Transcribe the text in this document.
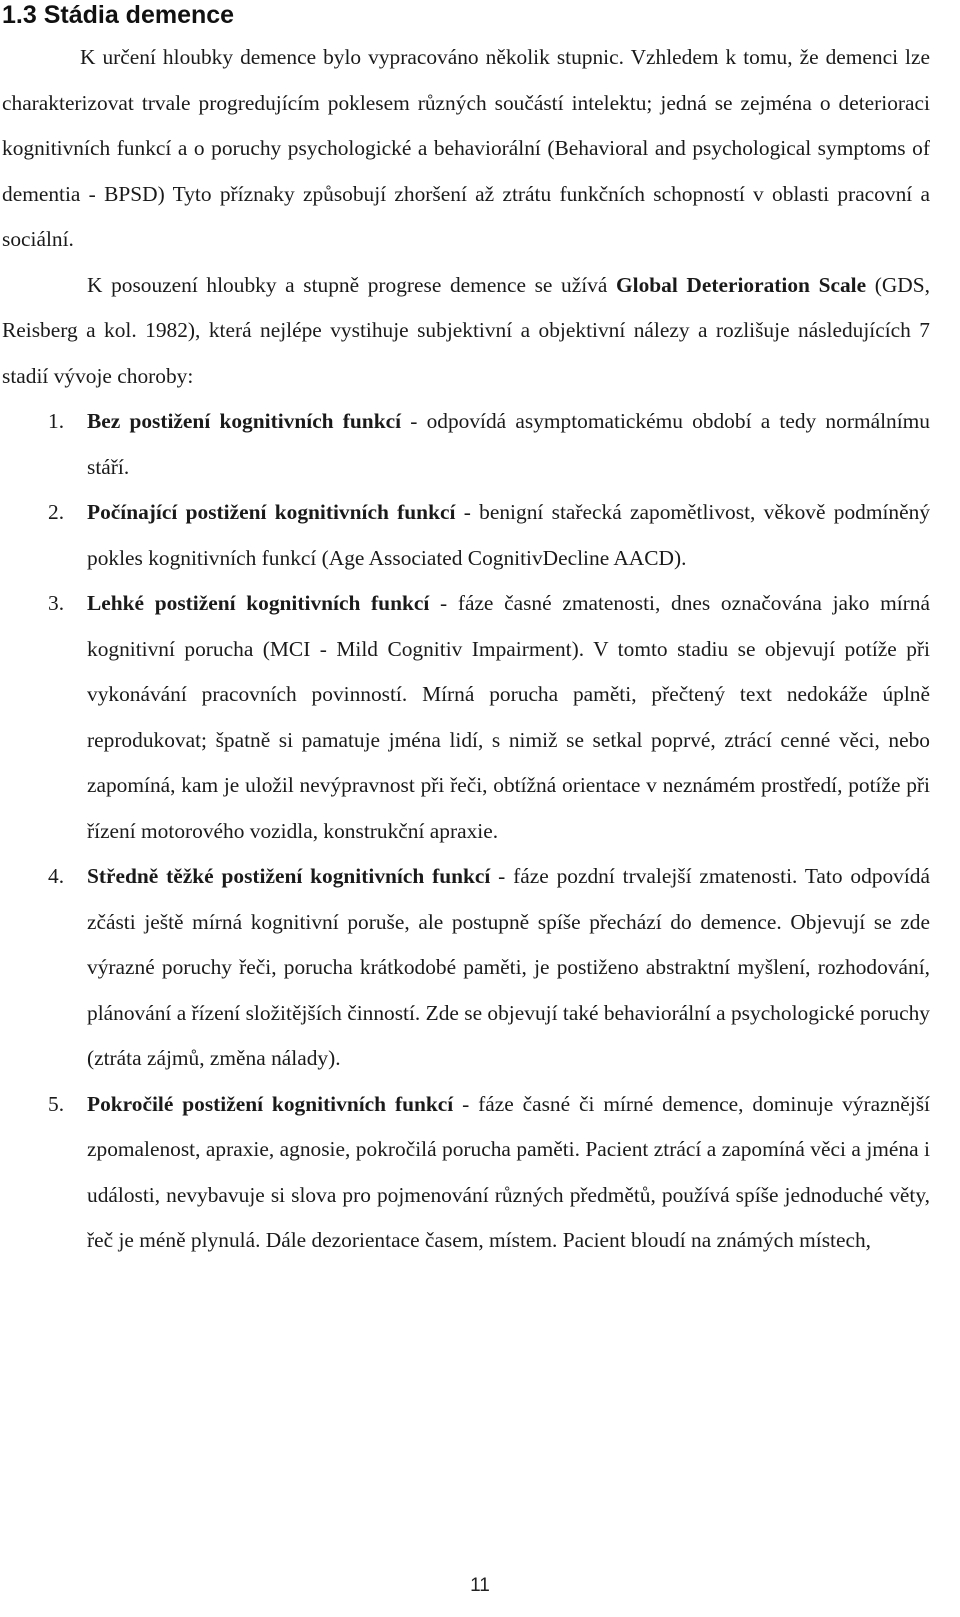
1.3 Stádia demence

K určení hloubky demence bylo vypracováno několik stupnic. Vzhledem k tomu, že demenci lze charakterizovat trvale progredujícím poklesem různých součástí intelektu; jedná se zejména o deterioraci kognitivních funkcí a o poruchy psychologické a behaviorální (Behavioral and psychological symptoms of dementia - BPSD) Tyto příznaky způsobují zhoršení až ztrátu funkčních schopností v oblasti pracovní a sociální.

K posouzení hloubky a stupně progrese demence se užívá Global Deterioration Scale (GDS, Reisberg a kol. 1982), která nejlépe vystihuje subjektivní a objektivní nálezy a rozlišuje následujících 7 stadií vývoje choroby:

1. Bez postižení kognitivních funkcí - odpovídá asymptomatickému období a tedy normálnímu stáří.
2. Počínající postižení kognitivních funkcí - benigní stařecká zapomětlivost, věkově podmíněný pokles kognitivních funkcí (Age Associated CognitivDecline AACD).
3. Lehké postižení kognitivních funkcí - fáze časné zmatenosti, dnes označována jako mírná kognitivní porucha (MCI - Mild Cognitiv Impairment). V tomto stadiu se objevují potíže při vykonávání pracovních povinností. Mírná porucha paměti, přečtený text nedokáže úplně reprodukovat; špatně si pamatuje jména lidí, s nimiž se setkal poprvé, ztrácí cenné věci, nebo zapomíná, kam je uložil nevýpravnost při řeči, obtížná orientace v neznámém prostředí, potíže při řízení motorového vozidla, konstrukční apraxie.
4. Středně těžké postižení kognitivních funkcí - fáze pozdní trvalejší zmatenosti. Tato odpovídá zčásti ještě mírná kognitivní poruše, ale postupně spíše přechází do demence. Objevují se zde výrazné poruchy řeči, porucha krátkodobé paměti, je postiženo abstraktní myšlení, rozhodování, plánování a řízení složitějších činností. Zde se objevují také behaviorální a psychologické poruchy (ztráta zájmů, změna nálady).
5. Pokročilé postižení kognitivních funkcí - fáze časné či mírné demence, dominuje výraznější zpomalenost, apraxie, agnosie, pokročilá porucha paměti. Pacient ztrácí a zapomíná věci a jména i události, nevybavuje si slova pro pojmenování různých předmětů, používá spíše jednoduché věty, řeč je méně plynulá. Dále dezorientace časem, místem. Pacient bloudí na známých místech,
11
